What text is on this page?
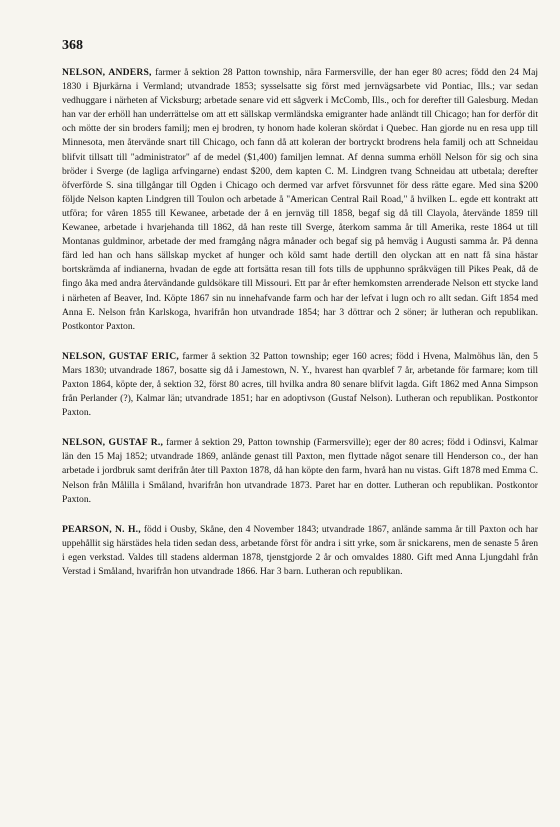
368

NELSON, ANDERS, farmer å sektion 28 Patton township, nära Farmersville, der han eger 80 acres; född den 24 Maj 1830 i Bjurkärna i Vermland; utvandrade 1853; sysselsatte sig först med jernvägsarbete vid Pontiac, Ills.; var sedan vedhuggare i närheten af Vicksburg; arbetade senare vid ett sågverk i McComb, Ills., och for derefter till Galesburg. Medan han var der erhöll han underrättelse om att ett sällskap vermländska emigranter hade anländt till Chicago; han for derför dit och mötte der sin broders familj; men ej brodren, ty honom hade koleran skördat i Quebec. Han gjorde nu en resa upp till Minnesota, men återvände snart till Chicago, och fann då att koleran der bortryckt brodrens hela familj och att Schneidau blifvit tillsatt till "administrator" af de medel ($1,400) familjen lemnat. Af denna summa erhöll Nelson för sig och sina bröder i Sverge (de lagliga arfvingarne) endast $200, dem kapten C. M. Lindgren tvang Schneidau att utbetala; derefter öfverförde S. sina tillgångar till Ogden i Chicago och dermed var arfvet försvunnet för dess rätte egare. Med sina $200 följde Nelson kapten Lindgren till Toulon och arbetade å "American Central Rail Road," å hvilken L. egde ett kontrakt att utföra; for våren 1855 till Kewanee, arbetade der å en jernväg till 1858, begaf sig då till Clayola, återvände 1859 till Kewanee, arbetade i hvarjehanda till 1862, då han reste till Sverge, återkom samma år till Amerika, reste 1864 ut till Montanas guldminor, arbetade der med framgång några månader och begaf sig på hemväg i Augusti samma år. På denna färd led han och hans sällskap mycket af hunger och köld samt hade dertill den olyckan att en natt få sina hästar bortskrämda af indianerna, hvadan de egde att fortsätta resan till fots tills de upphunno språkvägen till Pikes Peak, då de fingo åka med andra återvändande guldsökare till Missouri. Ett par år efter hemkomsten arrenderade Nelson ett stycke land i närheten af Beaver, Ind. Köpte 1867 sin nu innehafvande farm och har der lefvat i lugn och ro allt sedan. Gift 1854 med Anna E. Nelson från Karlskoga, hvarifrån hon utvandrade 1854; har 3 döttrar och 2 söner; är lutheran och republikan. Postkontor Paxton.

NELSON, GUSTAF ERIC, farmer å sektion 32 Patton township; eger 160 acres; född i Hvena, Malmöhus län, den 5 Mars 1830; utvandrade 1867, bosatte sig då i Jamestown, N. Y., hvarest han qvarblef 7 år, arbetande för farmare; kom till Paxton 1864, köpte der, å sektion 32, först 80 acres, till hvilka andra 80 senare blifvit lagda. Gift 1862 med Anna Simpson från Perlander (?), Kalmar län; utvandrade 1851; har en adoptivson (Gustaf Nelson). Lutheran och republikan. Postkontor Paxton.

NELSON, GUSTAF R., farmer å sektion 29, Patton township (Farmersville); eger der 80 acres; född i Odinsvi, Kalmar län den 15 Maj 1852; utvandrade 1869, anlände genast till Paxton, men flyttade något senare till Henderson co., der han arbetade i jordbruk samt derifrån åter till Paxton 1878, då han köpte den farm, hvarå han nu vistas. Gift 1878 med Emma C. Nelson från Målilla i Småland, hvarifrån hon utvandrade 1873. Paret har en dotter. Lutheran och republikan. Postkontor Paxton.

PEARSON, N. H., född i Ousby, Skåne, den 4 November 1843; utvandrade 1867, anlände samma år till Paxton och har uppehållit sig härstädes hela tiden sedan dess, arbetande först för andra i sitt yrke, som är snickarens, men de senaste 5 åren i egen verkstad. Valdes till stadens alderman 1878, tjenstgjorde 2 år och omvaldes 1880. Gift med Anna Ljungdahl från Verstad i Småland, hvarifrån hon utvandrade 1866. Har 3 barn. Lutheran och republikan.
